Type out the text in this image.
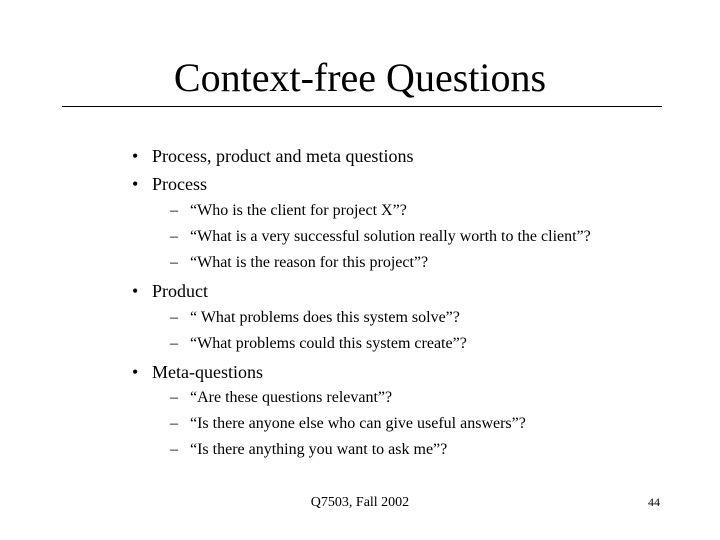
Context-free Questions
• Process, product and meta questions
• Process
– “Who is the client for project X”?
– “What is a very successful solution really worth to the client”?
– “What is the reason for this project”?
• Product
– “ What problems does this system solve”?
– “What problems could this system create”?
• Meta-questions
– “Are these questions relevant”?
– “Is there anyone else who can give useful answers”?
– “Is there anything you want to ask me”?
Q7503, Fall 2002	44
